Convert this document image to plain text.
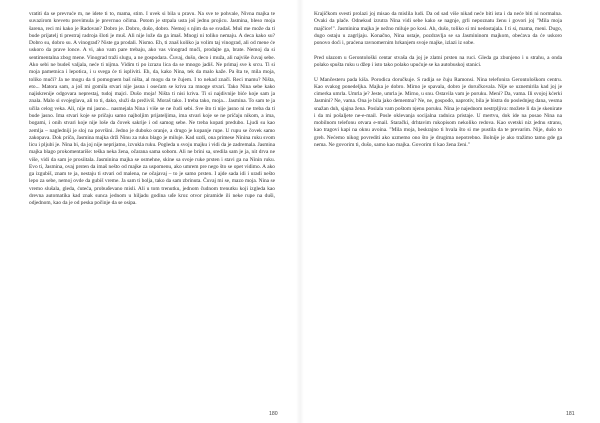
vratiti da se prevruće m, ne idete ti to, mama, stim. I uvek si bila u pravu. Na sve te pohvale, Nivna majka te suvazirom krevetu previmula je prevrnuo očima. Potom je strpala usta još jednu projicu. Jasmina, bleso moja šarena, reci mi kako je Radovan? Dobro je. Dobro, dušo, dobro. Nemoj s njim da se svađaš. Muš me može da ti bude prijatelj ti prestraj radroja šloti je muš. Ali nije lože da ga imaš. Mnogi ni toliko nemaju. A deca kako su? Dobro su, dobro su. A vinograd? Niste ga prodali. Nismo. Eh, ti znaš koliko ja volim taj vinograd, ali od mene će uskoro da prave lonce. A vi, ako vam pare trebaju, ako vas vinograd muči, prodajte ga, brate. Nemoj da si sentimentalna zbog mene. Vinograd traži slugu, a ne gospodara. Čuvaj, dušo, deco i muža, ali najviše čuvaj sebe. Ako sebi ne budeš valjala, neće ti nijma. Vidim ti po izrazu lica da se mnogo jadiš. Ne primaj sve k srcu. Ti si moja pametnica i lepotica, i u svega će ti ispliviti. Eh, da, kako Nina, tek da malo kaže. Pa šta te, mila moja, toliko muči? Ja ne mogu da ti pomognem baš ništa, al mogu da te čujem. I to nekad znači. Reci mamu? Ništa, eto... Matora sam, a još mi gomila stvari nije jasna i osećam se kriva za mnoge stvari. Tako Nina sebe kako najiskrenije odgovara neprestaj, tudoj majci. Dušo moja! Ništa ti nisi kriva. Ti si najdivnije biće koje sam ja znala. Malo si svojeglava, ali to ti, dako, služi da preživiš. Moraš tako. I treba tako, moja... Jasmina. To sam te ja učila celog veka. Ali, nije mi jasno... nasmejala Nina i više se ne čudi sebi. Sve što ti nije jasno ni ne treba da ti bude jasno. Ima stvari koje se pričaju samo najboljim prijateljima, ima stvari koje se ne pričaju nikom, a ima, bogami, i onih stvari koje nije loše da čovek sakrije i od samog sebe. Ne treba kopati predubo. Ljudi su kao zemlja – nagledniji je sloj na površini. Jedno je duboko oranje, a drugo je kopanje rupe. U rupu se čovek samo zakopava. Dok priča, Jasmina majka drži Ninu za ruku blago je miluje. Kad uzdi, ona primese Ninina ruku svom licu i pljubi je. Nina bi, da joj nije neprijatno, izvukla ruku. Pogleda u svoju majku i vidi da je zadremala. Jasmina majka blago prokomentariše: teška neka žena, očarana sama sobom. Ali ne brini sa, sredila sam je ja, nit drva ne više, vidi da sam je prosiitala. Jasminina majka se osmehne, skine sa svoje ruke prsten i stavi ga na Ninin ruku. Evo ti, Jasmina, ovaj prsten da imaš nešto od majke za uspomenu, ako umrem pre nego što se opet vidimo. A ako ga izgubiš, znam te ja, nestaju ti stvari od malena, ne očajavaj – to je samo prsten. I ajde sada idi i uradi nešto lepo za sebe, nemoj ovde da gubiš vreme. Ja sam ti bolja, tako da sam zbrinuta. Čuvaj mi se, mazo moja. Nina se vremo slušala, gleda, ćuteća, probuđevano misli. Ali u tom trenutku, jednom čudnom trenutku koji izgleda kao drevna automatika kad znak sunca jednom u hiljadu godina uđe kroz otvor piramide ili neke rupe na duši, odjednom, kao da je od peska počinje da se osipa.

180

Krajičkom svesti prolazi joj misao da mislila ludi. Da od sad više nikad neće biti ista i da neće biti ni normalna. Ovaki da plače. Odnekud izrutra Nina vidi sebe kako se nagnje, grli nepoznatu ženu i govori joj "Mila moja majčice!". Jasminina majka je nežno miluje po kosi. Ah, dušo, toliko si mi nedostajala. I ti si, mama, meni. Dugo, dugo ostaju u zagrljaju. Konačno, Nina ustaje, pozdravlja se sa Jasmininom majkom, obećava da će uskoro ponovo doći i, praćena ravnomernim hrkanjem svoje majke, izlazi iz sobe.

Pred ulazom u Gerontološki centar stvaša da joj je zlatni prsten na ruci. Gleda ga zbunjeno i u strahu, a onda polako spušta ruku u džep i isto tako polako upućuje se ka autobuskoj stanici.

U Mančesteru pada kiša. Porodica doručkuje. S radija se čuju Ramonsi. Nina telefonira Gerontološkom centru. Kao svakog ponedeljka. Majka je dobro. Mirno je spavala, dobro je doručkovala. Nije se uznemirila kad joj je cimerka umrla. Umrla je? Jeste, umrla je. Mirno, u snu. Ostavila vam je poruku. Meni? Da, vama. Ili svojoj kćerki Jasmini? Ne, vama. Ona je bila jako dementna? Ne, ne, gospođo, naprotiv, bila je bistra do poslednjeg dana, vesma snažan duh, sjajna žena. Poslala vam poštom njenu poruku. Nina je najednom nestrpljiva: možete li da je skenirate i da mi pošaljete ne-e-mail. Posle oklevanja socijalna radnica pristaje. U mertvu, dok ide na posao Nina na mobilnom telefonu otvara e-mail. Starački, drhtavim rukopisom nekoliko redova. Kao svetski niz jednu stranu, kao tragovi kapi na oknu avoina. "Mila moja, beskrajno ti hvala što si me pustila da te prevarim. Nije, dušo to greh. Nećemo nikog povrediti ako uzmemo ono što je drugima nepotrebno. Bolnije je ako tražimo tamo gde ga nema. Ne govorim ti, dušo, samo kao majka. Govorim ti kao žena ženi."

181
